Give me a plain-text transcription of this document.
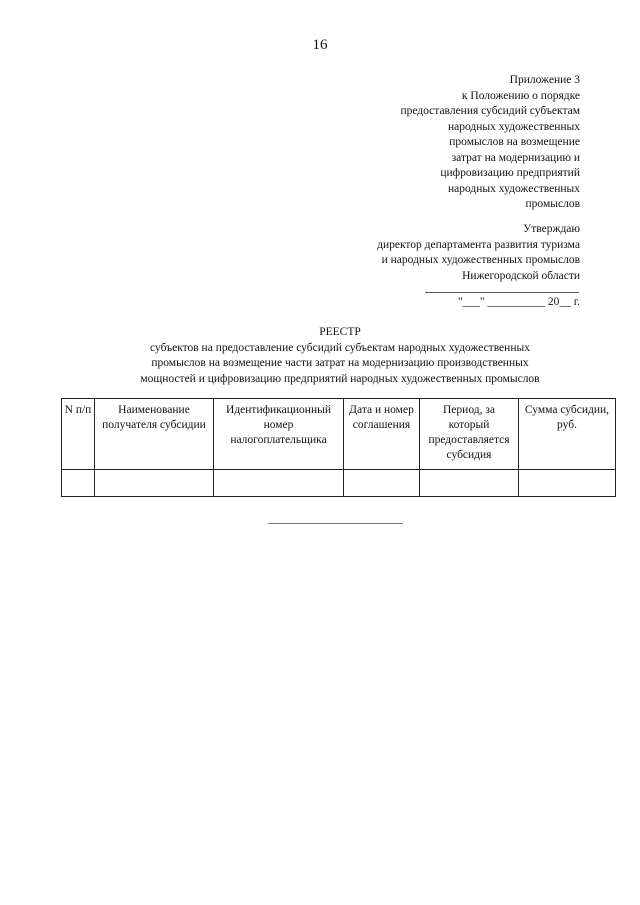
16
Приложение 3
к Положению о порядке
предоставления субсидий субъектам
народных художественных
промыслов на возмещение
затрат на модернизацию и
цифровизацию предприятий
народных художественных
промыслов
Утверждаю
директор департамента развития туризма
и народных художественных промыслов
Нижегородской области
"___" __________ 20__ г.
РЕЕСТР
субъектов на предоставление субсидий субъектам народных художественных
промыслов на возмещение части затрат на модернизацию производственных
мощностей и цифровизацию предприятий народных художественных промыслов
N п/п	Наименование получателя субсидии	Идентификационный номер налогоплательщика	Дата и номер соглашения	Период, за который предоставляется субсидия	Сумма субсидии, руб.
